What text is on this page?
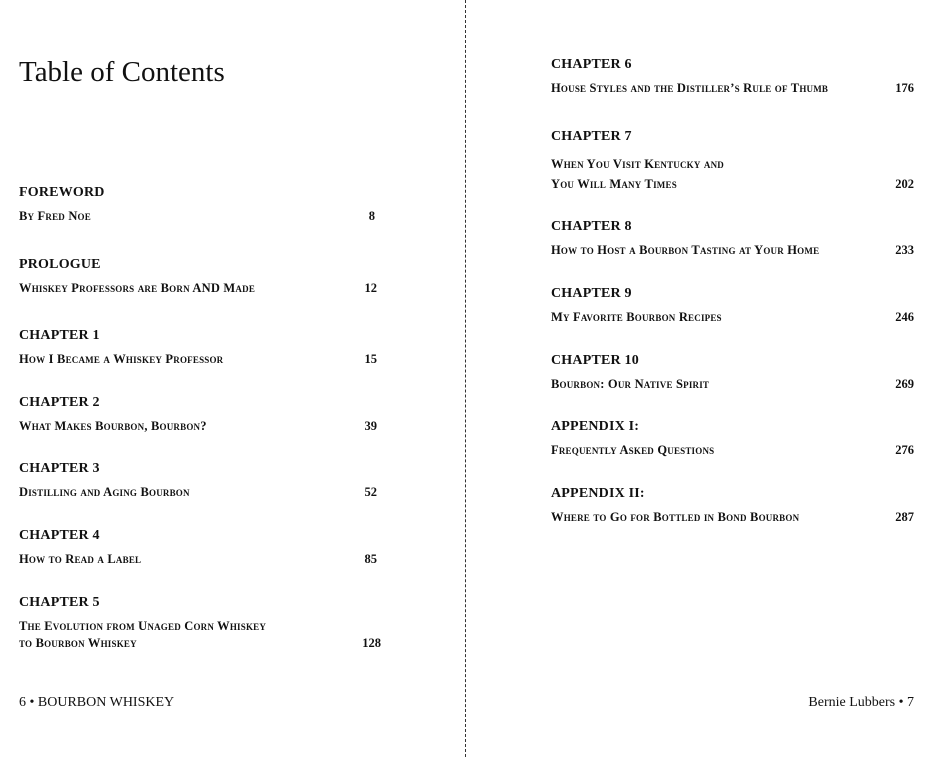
Table of Contents
FOREWORD
By Fred Noe	8
PROLOGUE
Whiskey Professors are Born AND Made	12
CHAPTER 1
How I Became a Whiskey Professor	15
CHAPTER 2
What Makes Bourbon, Bourbon?	39
CHAPTER 3
Distilling and Aging Bourbon	52
CHAPTER 4
How to Read a Label	85
CHAPTER 5
The Evolution from Unaged Corn Whiskey
to Bourbon Whiskey	128
6 • BOURBON WHISKEY
CHAPTER 6
House Styles and the Distiller’s Rule of Thumb	176
CHAPTER 7
When You Visit Kentucky and
You Will Many Times	202
CHAPTER 8
How to Host a Bourbon Tasting at Your Home	233
CHAPTER 9
My Favorite Bourbon Recipes	246
CHAPTER 10
Bourbon: Our Native Spirit	269
APPENDIX I:
Frequently Asked Questions	276
APPENDIX II:
Where to Go for Bottled in Bond Bourbon	287
Bernie Lubbers • 7
